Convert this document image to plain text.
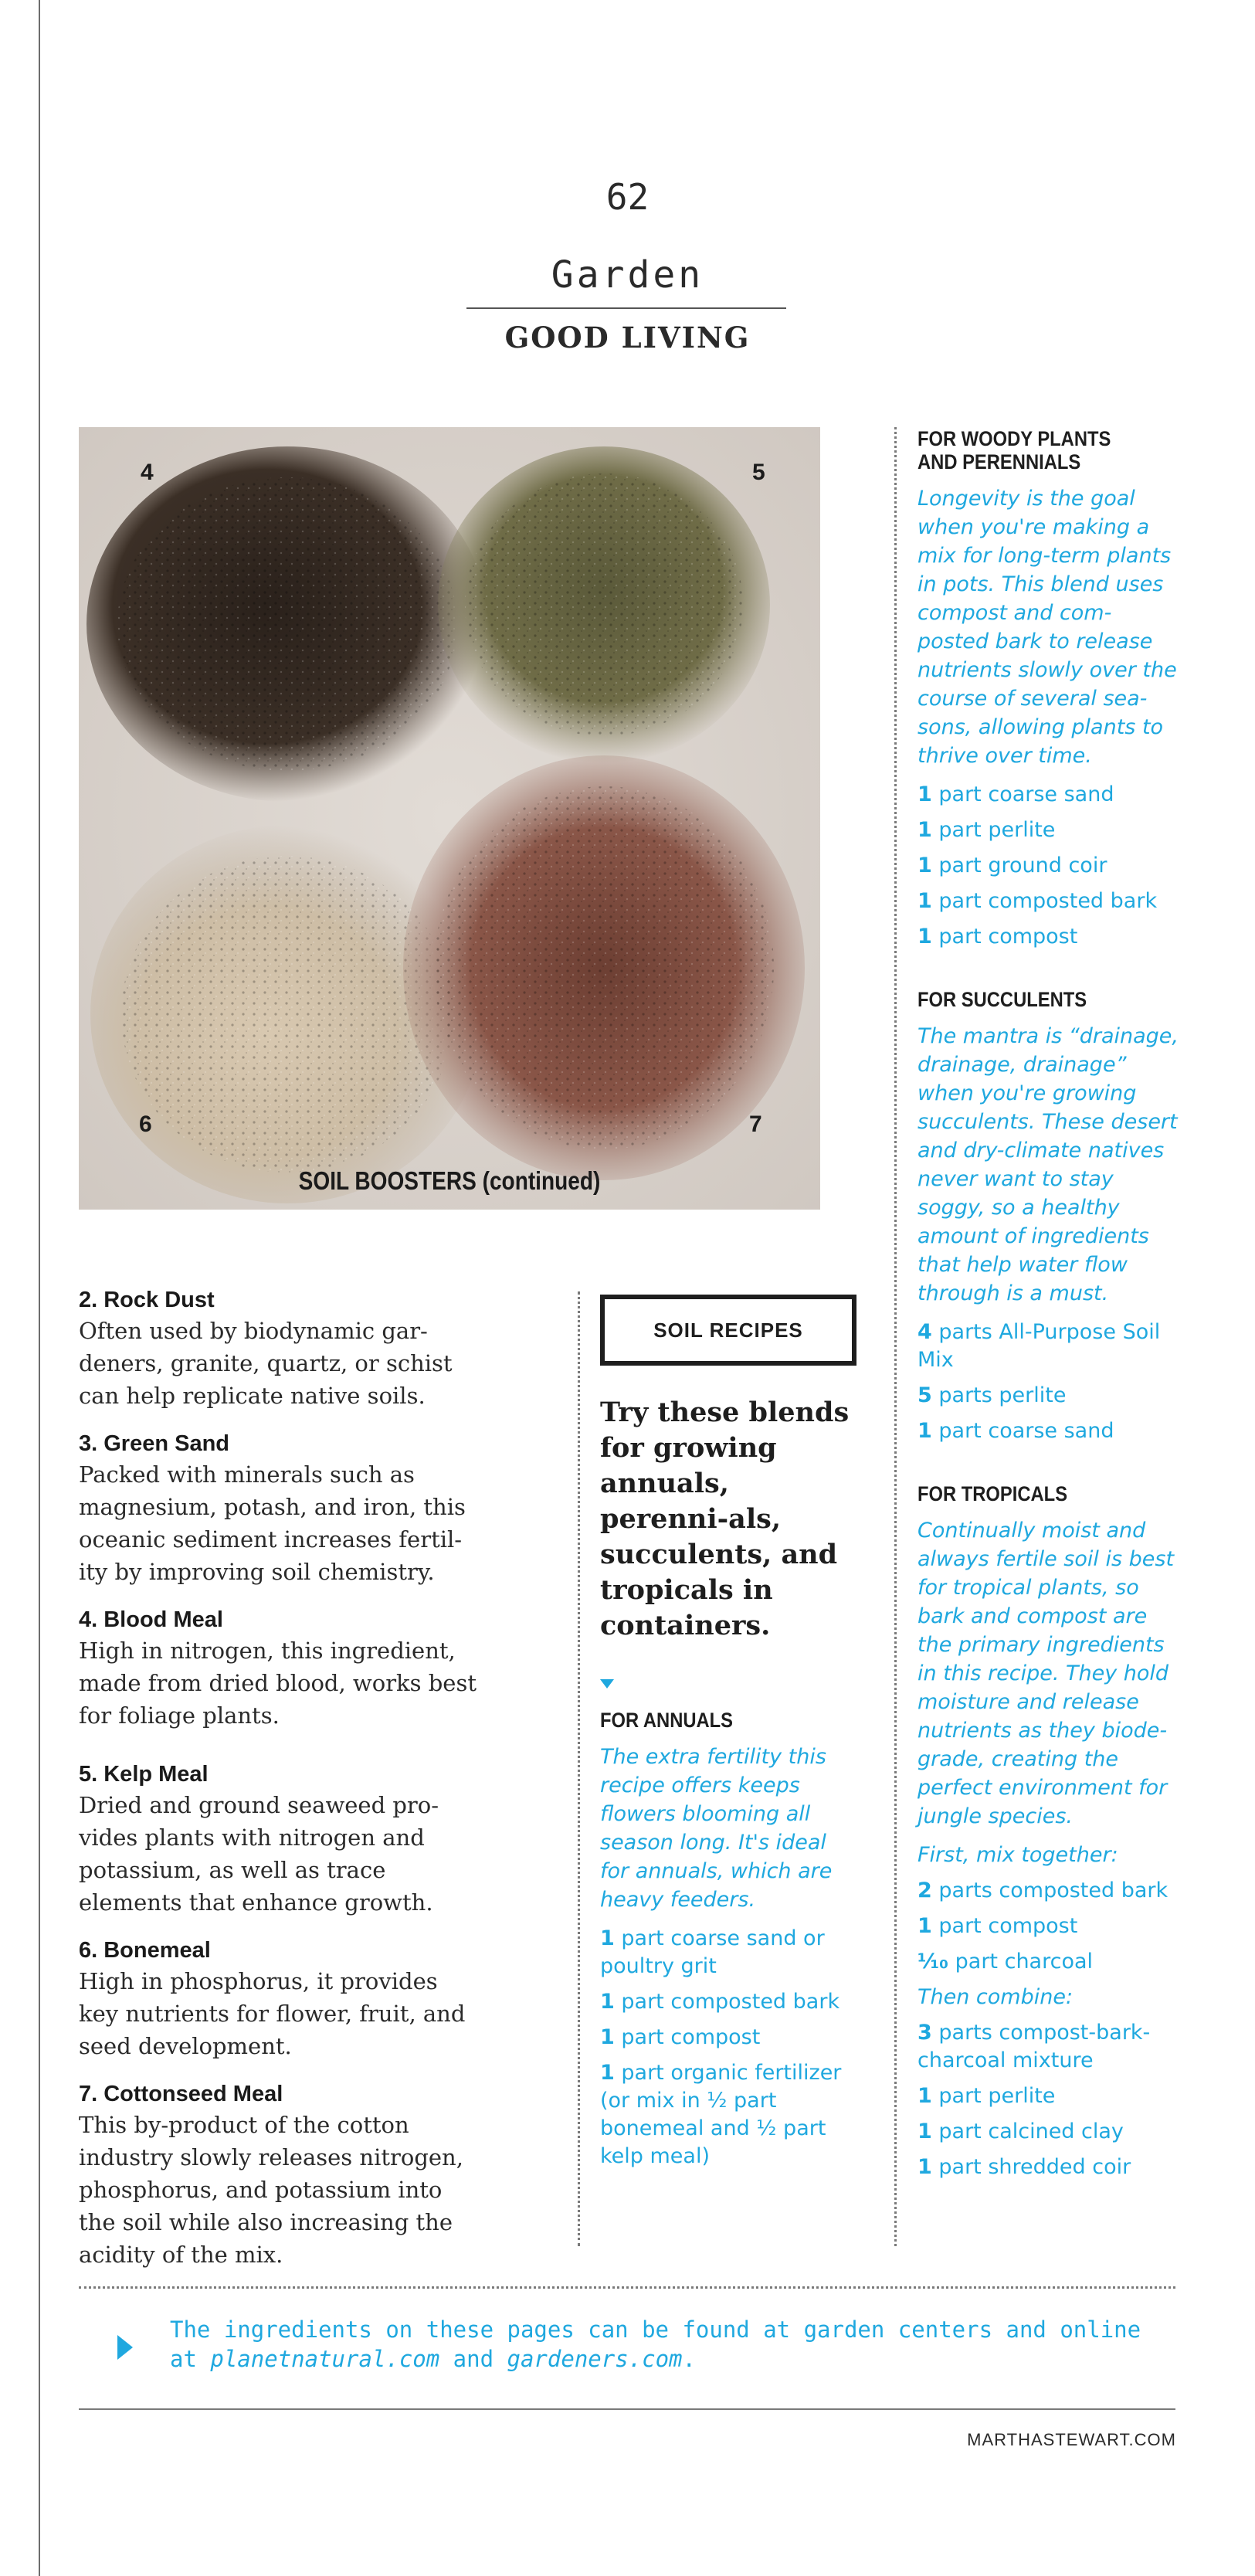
62
Garden
GOOD LIVING
4	5
6	7
SOIL BOOSTERS (continued)
2. Rock Dust

Often used by biodynamic gar-deners, granite, quartz, or schist can help replicate native soils.

3. Green Sand

Packed with minerals such as magnesium, potash, and iron, this oceanic sediment increases fertil-ity by improving soil chemistry.

4. Blood Meal

High in nitrogen, this ingredient, made from dried blood, works best for foliage plants.

5. Kelp Meal

Dried and ground seaweed pro-vides plants with nitrogen and potassium, as well as trace elements that enhance growth.

6. Bonemeal

High in phosphorus, it provides key nutrients for flower, fruit, and seed development.

7. Cottonseed Meal

This by-product of the cotton industry slowly releases nitrogen, phosphorus, and potassium into the soil while also increasing the acidity of the mix.

SOIL RECIPES
Try these blends for growing annuals, perenni-als, succulents, and tropicals in containers.
FOR ANNUALS
The extra fertility this recipe offers keeps flowers blooming all season long. It's ideal for annuals, which are heavy feeders.
1 part coarse sand or poultry grit
1 part composted bark
1 part compost
1 part organic fertilizer (or mix in ½ part bonemeal and ½ part kelp meal)
FOR WOODY PLANTS
AND PERENNIALS
Longevity is the goal when you're making a mix for long-term plants in pots. This blend uses compost and com-posted bark to release nutrients slowly over the course of several sea-sons, allowing plants to thrive over time.
1 part coarse sand
1 part perlite
1 part ground coir
1 part composted bark
1 part compost
FOR SUCCULENTS
The mantra is “drainage, drainage, drainage” when you're growing succulents. These desert and dry-climate natives never want to stay soggy, so a healthy amount of ingredients that help water flow through is a must.
4 parts All-Purpose Soil Mix
5 parts perlite
1 part coarse sand
FOR TROPICALS
Continually moist and always fertile soil is best for tropical plants, so bark and compost are the primary ingredients in this recipe. They hold moisture and release nutrients as they biode-grade, creating the perfect environment for jungle species.
First, mix together:
2 parts composted bark
1 part compost
⅒ part charcoal
Then combine:
3 parts compost-bark-charcoal mixture
1 part perlite
1 part calcined clay
1 part shredded coir
The ingredients on these pages can be found at garden centers and online at planetnatural.com and gardeners.com.
MARTHASTEWART.COM
